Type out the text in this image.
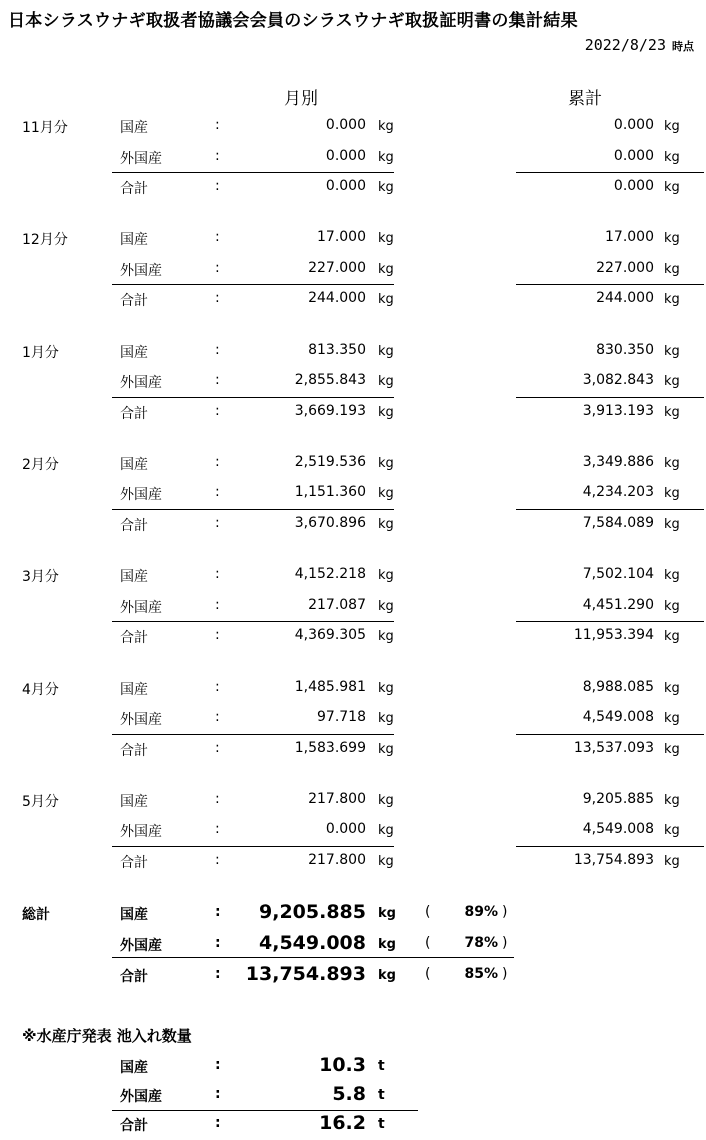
日本シラスウナギ取扱者協議会会員のシラスウナギ取扱証明書の集計結果
2022/8/23 時点
月別	累計
11月分	国産	:	0.000 kg	0.000 kg
外国産	:	0.000 kg	0.000 kg
合計	:	0.000 kg	0.000 kg
12月分	国産	:	17.000 kg	17.000 kg
外国産	:	227.000 kg	227.000 kg
合計	:	244.000 kg	244.000 kg
1月分	国産	:	813.350 kg	830.350 kg
外国産	:	2,855.843 kg	3,082.843 kg
合計	:	3,669.193 kg	3,913.193 kg
2月分	国産	:	2,519.536 kg	3,349.886 kg
外国産	:	1,151.360 kg	4,234.203 kg
合計	:	3,670.896 kg	7,584.089 kg
3月分	国産	:	4,152.218 kg	7,502.104 kg
外国産	:	217.087 kg	4,451.290 kg
合計	:	4,369.305 kg	11,953.394 kg
4月分	国産	:	1,485.981 kg	8,988.085 kg
外国産	:	97.718 kg	4,549.008 kg
合計	:	1,583.699 kg	13,537.093 kg
5月分	国産	:	217.800 kg	9,205.885 kg
外国産	:	0.000 kg	4,549.008 kg
合計	:	217.800 kg	13,754.893 kg
総計	国産	: 9,205.885 kg ( 89% )
外国産	: 4,549.008 kg ( 78% )
合計	: 13,754.893 kg ( 85% )
※水産庁発表 池入れ数量
国産	:	10.3 t
外国産	:	5.8 t
合計	:	16.2 t
